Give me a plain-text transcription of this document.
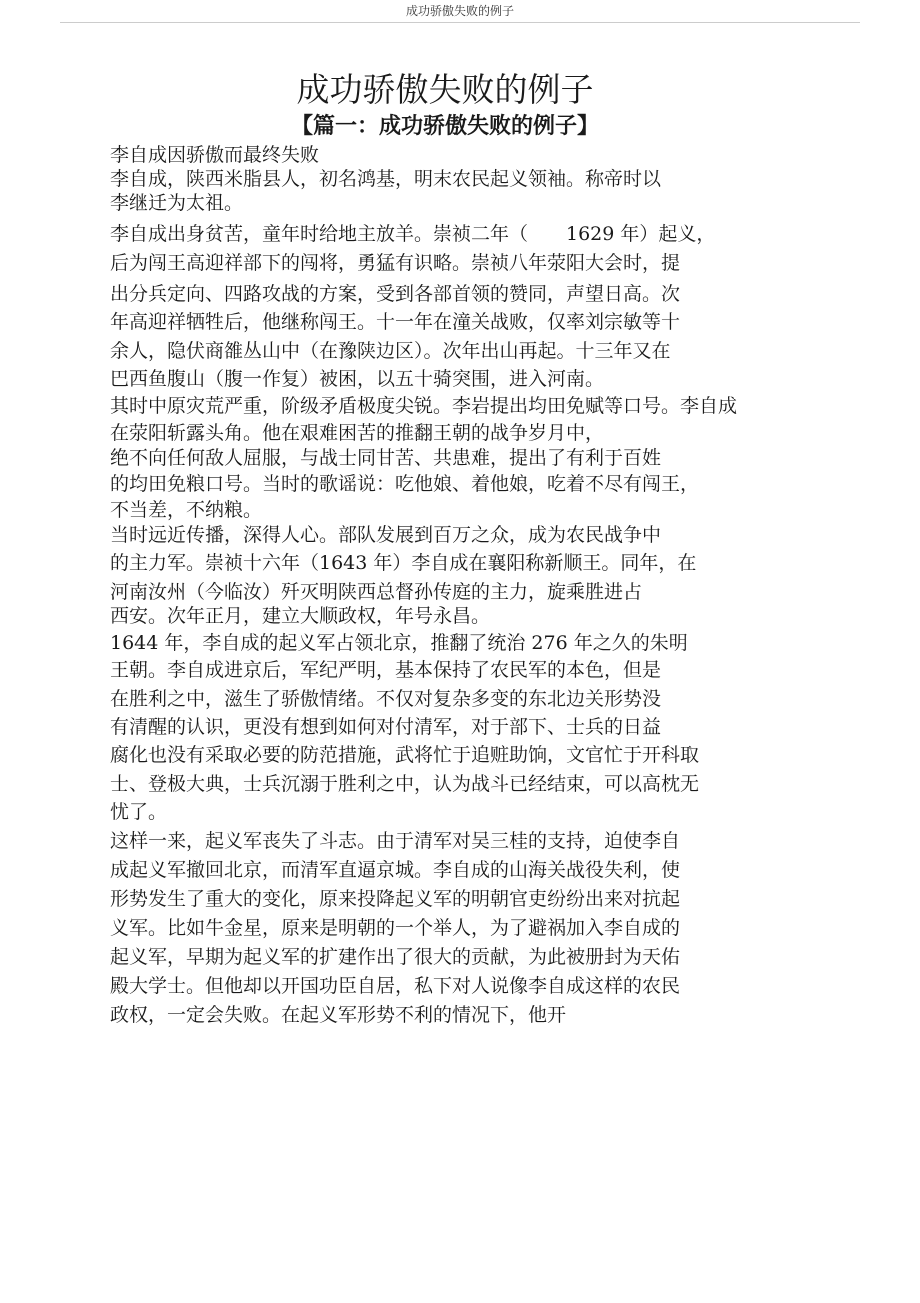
成功骄傲失败的例子
成功骄傲失败的例子
【篇一：成功骄傲失败的例子】

李自成因骄傲而最终失败

李自成，陕西米脂县人，初名鸿基，明末农民起义领袖。称帝时以

李继迁为太祖。

李自成出身贫苦，童年时给地主放羊。崇祯二年（　　1629 年）起义，

后为闯王高迎祥部下的闯将，勇猛有识略。崇祯八年荥阳大会时，提

出分兵定向、四路攻战的方案，受到各部首领的赞同，声望日高。次

年高迎祥牺牲后，他继称闯王。十一年在潼关战败，仅率刘宗敏等十

余人，隐伏商雒丛山中（在豫陕边区）。次年出山再起。十三年又在

巴西鱼腹山（腹一作复）被困，以五十骑突围，进入河南。

其时中原灾荒严重，阶级矛盾极度尖锐。李岩提出均田免赋等口号。李自成

在荥阳斩露头角。他在艰难困苦的推翻王朝的战争岁月中，

绝不向任何敌人屈服，与战士同甘苦、共患难，提出了有利于百姓

的均田免粮口号。当时的歌谣说：吃他娘、着他娘，吃着不尽有闯王，

不当差，不纳粮。

当时远近传播，深得人心。部队发展到百万之众，成为农民战争中

的主力军。崇祯十六年（1643 年）李自成在襄阳称新顺王。同年，在

河南汝州（今临汝）歼灭明陕西总督孙传庭的主力，旋乘胜进占

西安。次年正月，建立大顺政权，年号永昌。

1644 年，李自成的起义军占领北京，推翻了统治 276 年之久的朱明

王朝。李自成进京后，军纪严明，基本保持了农民军的本色，但是

在胜利之中，滋生了骄傲情绪。不仅对复杂多变的东北边关形势没

有清醒的认识，更没有想到如何对付清军，对于部下、士兵的日益

腐化也没有采取必要的防范措施，武将忙于追赃助饷，文官忙于开科取

士、登极大典，士兵沉溺于胜利之中，认为战斗已经结束，可以高枕无

忧了。

这样一来，起义军丧失了斗志。由于清军对吴三桂的支持，迫使李自

成起义军撤回北京，而清军直逼京城。李自成的山海关战役失利，使

形势发生了重大的变化，原来投降起义军的明朝官吏纷纷出来对抗起

义军。比如牛金星，原来是明朝的一个举人，为了避祸加入李自成的

起义军，早期为起义军的扩建作出了很大的贡献，为此被册封为天佑

殿大学士。但他却以开国功臣自居，私下对人说像李自成这样的农民

政权，一定会失败。在起义军形势不利的情况下，他开
